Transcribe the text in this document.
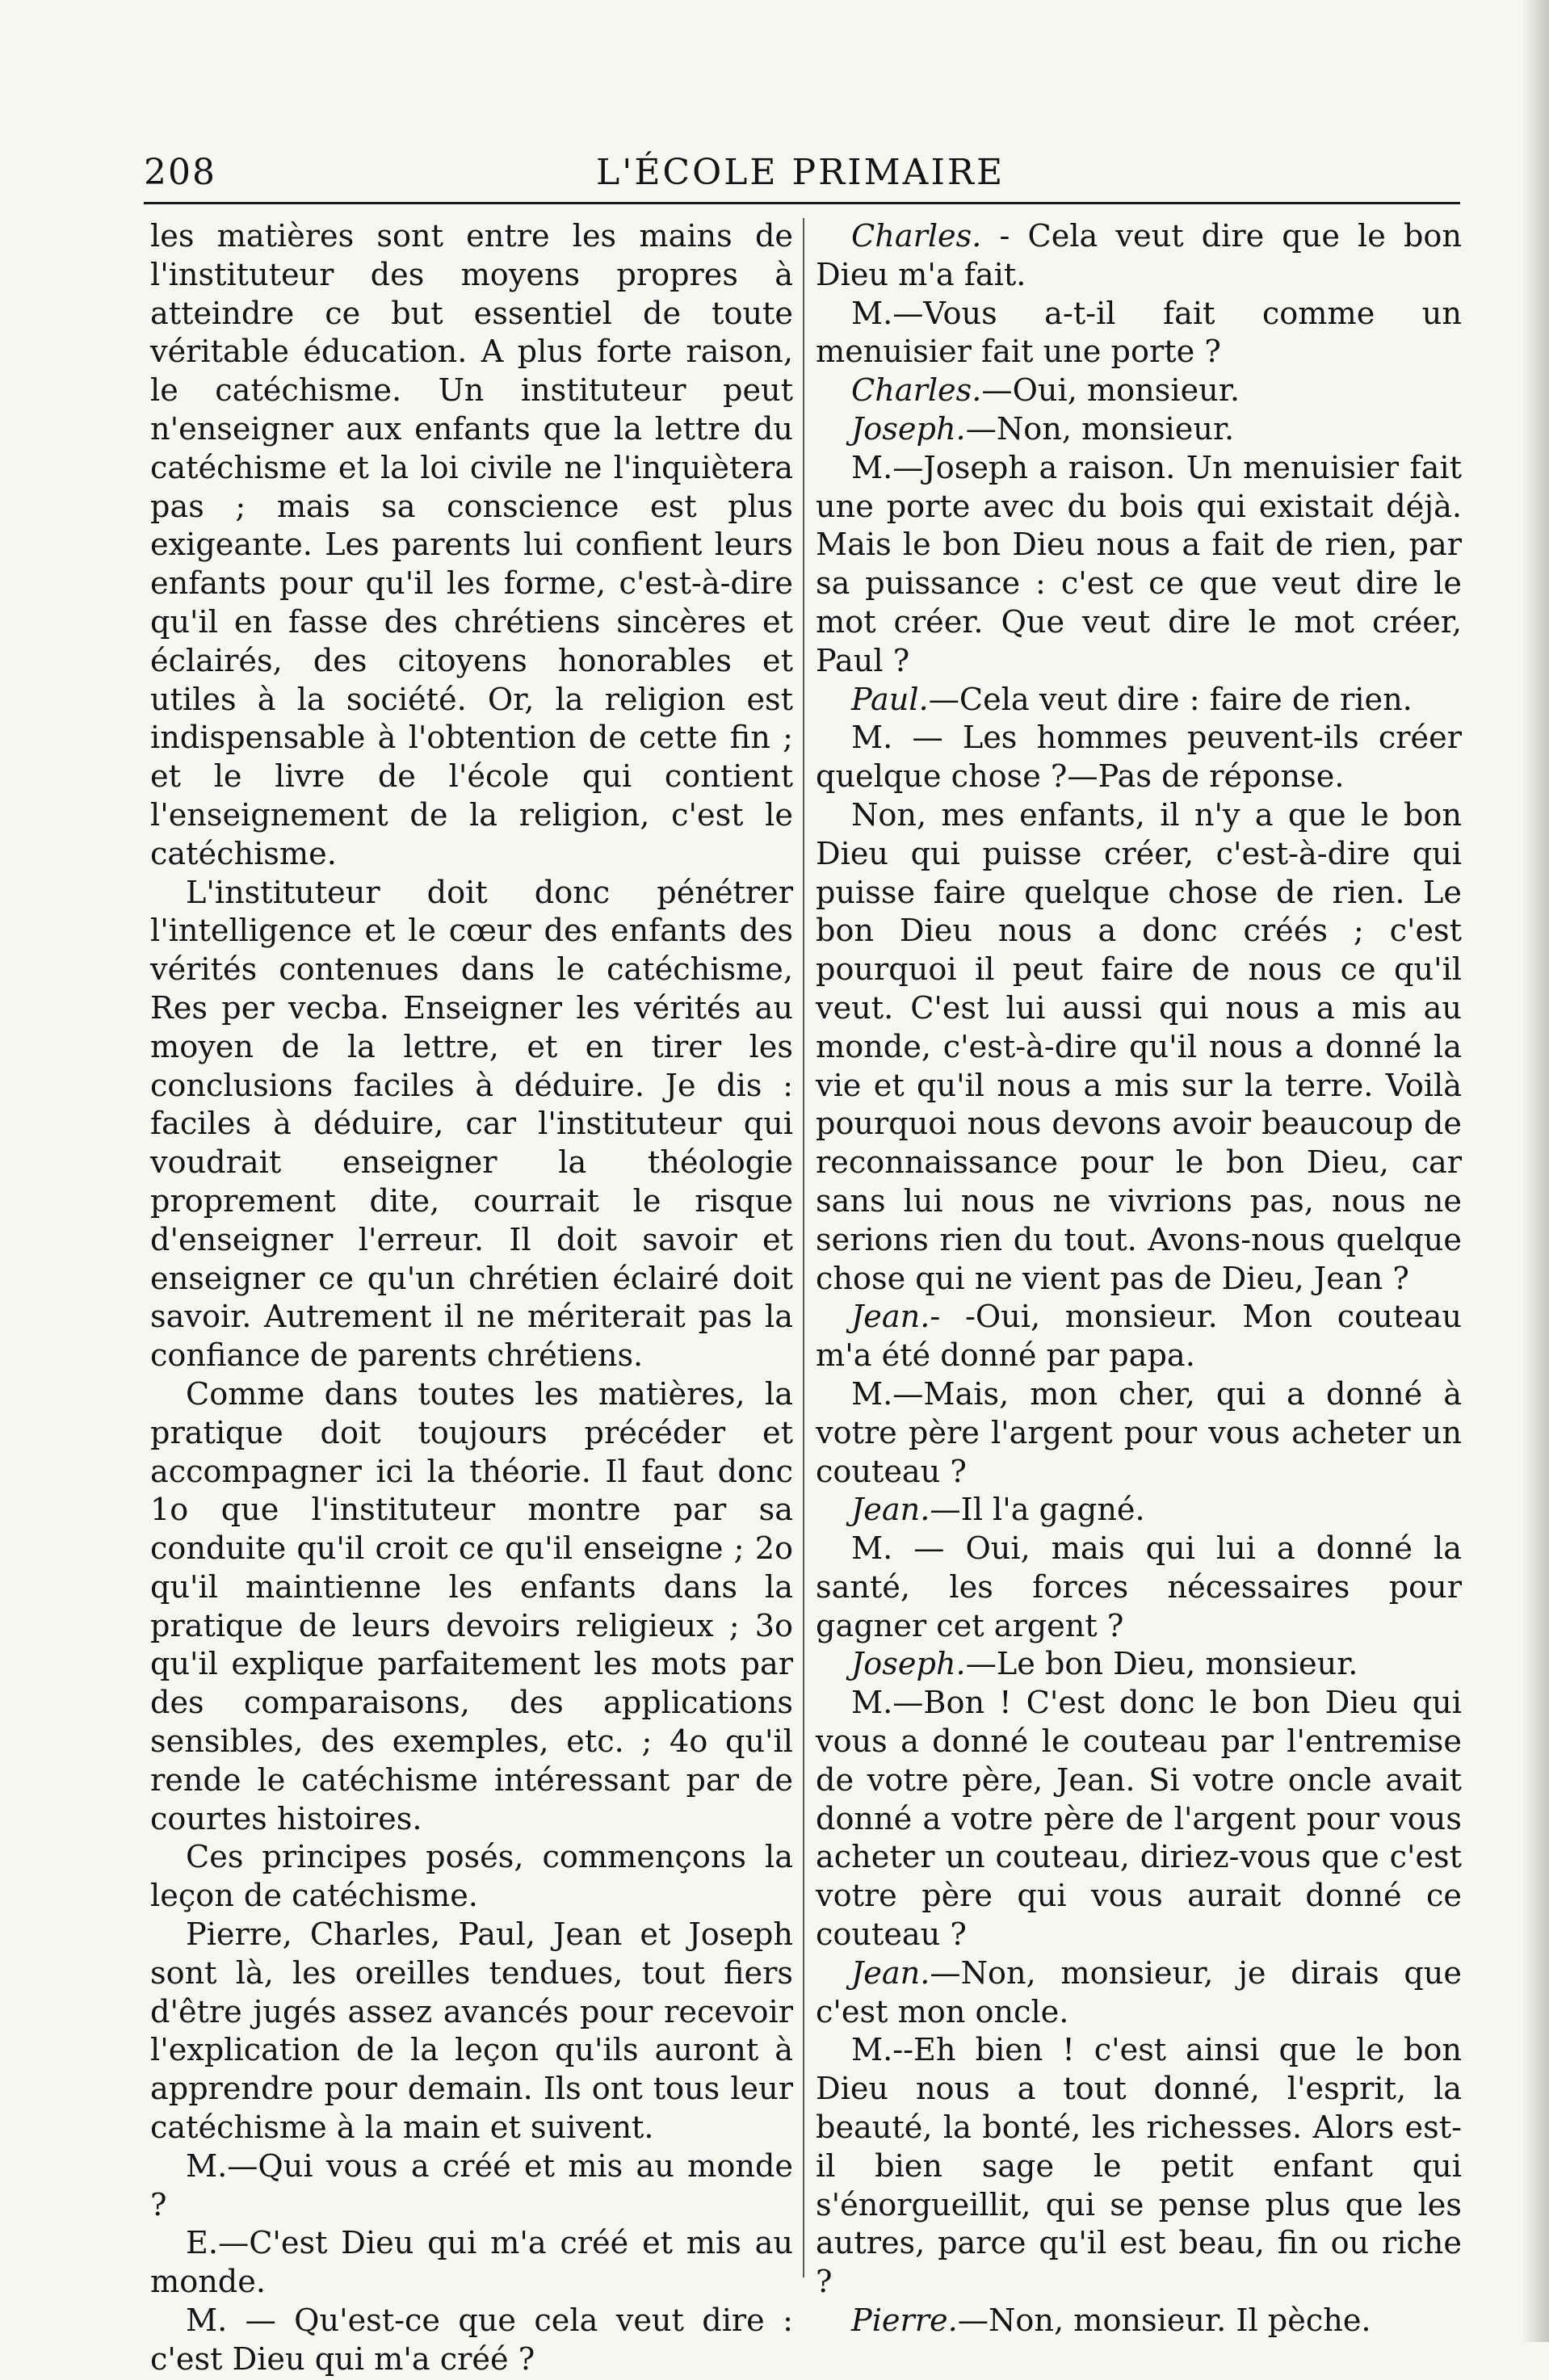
208	L'ÉCOLE PRIMAIRE

les matières sont entre les mains de l'instituteur des moyens propres à atteindre ce but essentiel de toute véritable éducation. A plus forte raison, le catéchisme. Un instituteur peut n'enseigner aux enfants que la lettre du catéchisme et la loi civile ne l'inquiètera pas ; mais sa conscience est plus exigeante. Les parents lui confient leurs enfants pour qu'il les forme, c'est-à-dire qu'il en fasse des chrétiens sincères et éclairés, des citoyens honorables et utiles à la société. Or, la religion est indispensable à l'obtention de cette fin ; et le livre de l'école qui contient l'enseignement de la religion, c'est le catéchisme.

L'instituteur doit donc pénétrer l'intelligence et le cœur des enfants des vérités contenues dans le catéchisme, Res per vecba. Enseigner les vérités au moyen de la lettre, et en tirer les conclusions faciles à déduire. Je dis : faciles à déduire, car l'instituteur qui voudrait enseigner la théologie proprement dite, courrait le risque d'enseigner l'erreur. Il doit savoir et enseigner ce qu'un chrétien éclairé doit savoir. Autrement il ne mériterait pas la confiance de parents chrétiens.

Comme dans toutes les matières, la pratique doit toujours précéder et accompagner ici la théorie. Il faut donc 1o que l'instituteur montre par sa conduite qu'il croit ce qu'il enseigne ; 2o qu'il maintienne les enfants dans la pratique de leurs devoirs religieux ; 3o qu'il explique parfaitement les mots par des comparaisons, des applications sensibles, des exemples, etc. ; 4o qu'il rende le catéchisme intéressant par de courtes histoires.

Ces principes posés, commençons la leçon de catéchisme.

Pierre, Charles, Paul, Jean et Joseph sont là, les oreilles tendues, tout fiers d'être jugés assez avancés pour recevoir l'explication de la leçon qu'ils auront à apprendre pour demain. Ils ont tous leur catéchisme à la main et suivent.

M.—Qui vous a créé et mis au monde ?

E.—C'est Dieu qui m'a créé et mis au monde.

M. — Qu'est-ce que cela veut dire : c'est Dieu qui m'a créé ?

Charles. - Cela veut dire que le bon Dieu m'a fait.

M.—Vous a-t-il fait comme un menuisier fait une porte ?

Charles.—Oui, monsieur.

Joseph.—Non, monsieur.

M.—Joseph a raison. Un menuisier fait une porte avec du bois qui existait déjà. Mais le bon Dieu nous a fait de rien, par sa puissance : c'est ce que veut dire le mot créer. Que veut dire le mot créer, Paul ?

Paul.—Cela veut dire : faire de rien.

M. — Les hommes peuvent-ils créer quelque chose ?—Pas de réponse.

Non, mes enfants, il n'y a que le bon Dieu qui puisse créer, c'est-à-dire qui puisse faire quelque chose de rien. Le bon Dieu nous a donc créés ; c'est pourquoi il peut faire de nous ce qu'il veut. C'est lui aussi qui nous a mis au monde, c'est-à-dire qu'il nous a donné la vie et qu'il nous a mis sur la terre. Voilà pourquoi nous devons avoir beaucoup de reconnaissance pour le bon Dieu, car sans lui nous ne vivrions pas, nous ne serions rien du tout. Avons-nous quelque chose qui ne vient pas de Dieu, Jean ?

Jean.- -Oui, monsieur. Mon couteau m'a été donné par papa.

M.—Mais, mon cher, qui a donné à votre père l'argent pour vous acheter un couteau ?

Jean.—Il l'a gagné.

M. — Oui, mais qui lui a donné la santé, les forces nécessaires pour gagner cet argent ?

Joseph.—Le bon Dieu, monsieur.

M.—Bon ! C'est donc le bon Dieu qui vous a donné le couteau par l'entremise de votre père, Jean. Si votre oncle avait donné a votre père de l'argent pour vous acheter un couteau, diriez-vous que c'est votre père qui vous aurait donné ce couteau ?

Jean.—Non, monsieur, je dirais que c'est mon oncle.

M.--Eh bien ! c'est ainsi que le bon Dieu nous a tout donné, l'esprit, la beauté, la bonté, les richesses. Alors est-il bien sage le petit enfant qui s'énorgueillit, qui se pense plus que les autres, parce qu'il est beau, fin ou riche ?

Pierre.—Non, monsieur. Il pèche.
